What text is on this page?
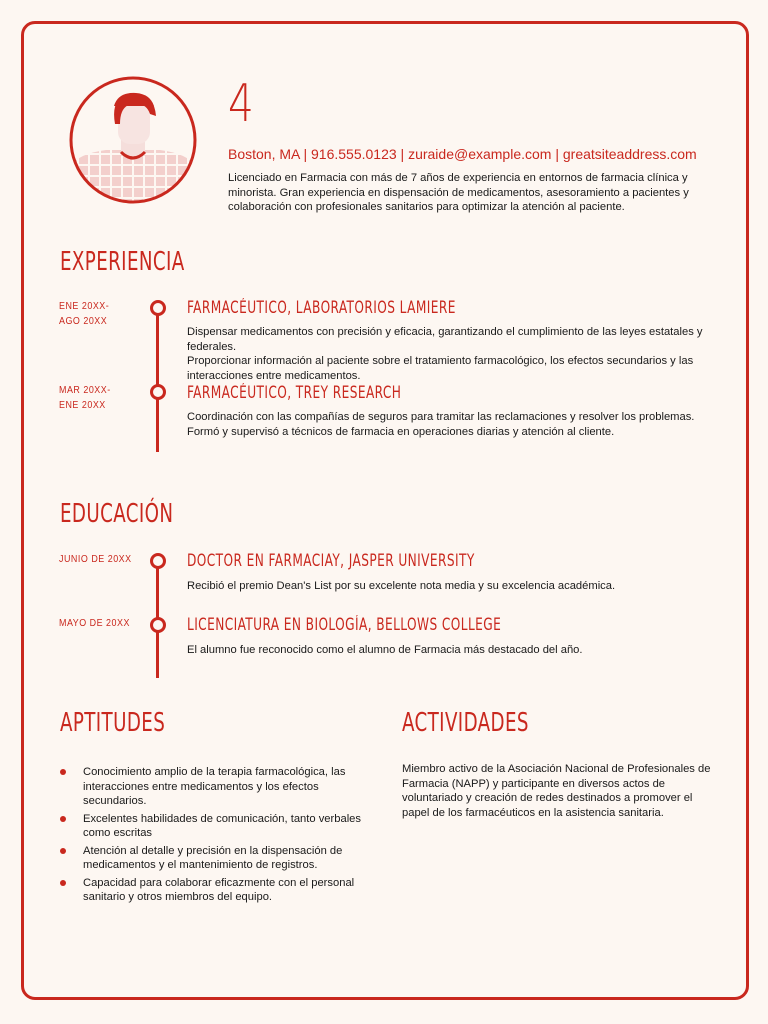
4
Boston, MA | 916.555.0123 | zuraide@example.com | greatsiteaddress.com
Licenciado en Farmacia con más de 7 años de experiencia en entornos de farmacia clínica y minorista. Gran experiencia en dispensación de medicamentos, asesoramiento a pacientes y colaboración con profesionales sanitarios para optimizar la atención al paciente.
EXPERIENCIA
ENE 20XX-
AGO 20XX
FARMACÉUTICO, LABORATORIOS LAMIERE

Dispensar medicamentos con precisión y eficacia, garantizando el cumplimiento de las leyes estatales y federales.

Proporcionar información al paciente sobre el tratamiento farmacológico, los efectos secundarios y las interacciones entre medicamentos.

MAR 20XX-
ENE 20XX
FARMACÉUTICO, TREY RESEARCH

Coordinación con las compañías de seguros para tramitar las reclamaciones y resolver los problemas.

Formó y supervisó a técnicos de farmacia en operaciones diarias y atención al cliente.

EDUCACIÓN
JUNIO DE 20XX	DOCTOR EN FARMACIAY, JASPER UNIVERSITY
Recibió el premio Dean's List por su excelente nota media y su excelencia académica.
MAYO DE 20XX	LICENCIATURA EN BIOLOGÍA, BELLOWS COLLEGE
El alumno fue reconocido como el alumno de Farmacia más destacado del año.
APTITUDES
Conocimiento amplio de la terapia farmacológica, las interacciones entre medicamentos y los efectos secundarios.
Excelentes habilidades de comunicación, tanto verbales como escritas
Atención al detalle y precisión en la dispensación de medicamentos y el mantenimiento de registros.
Capacidad para colaborar eficazmente con el personal sanitario y otros miembros del equipo.
ACTIVIDADES
Miembro activo de la Asociación Nacional de Profesionales de Farmacia (NAPP) y participante en diversos actos de voluntariado y creación de redes destinados a promover el papel de los farmacéuticos en la asistencia sanitaria.
